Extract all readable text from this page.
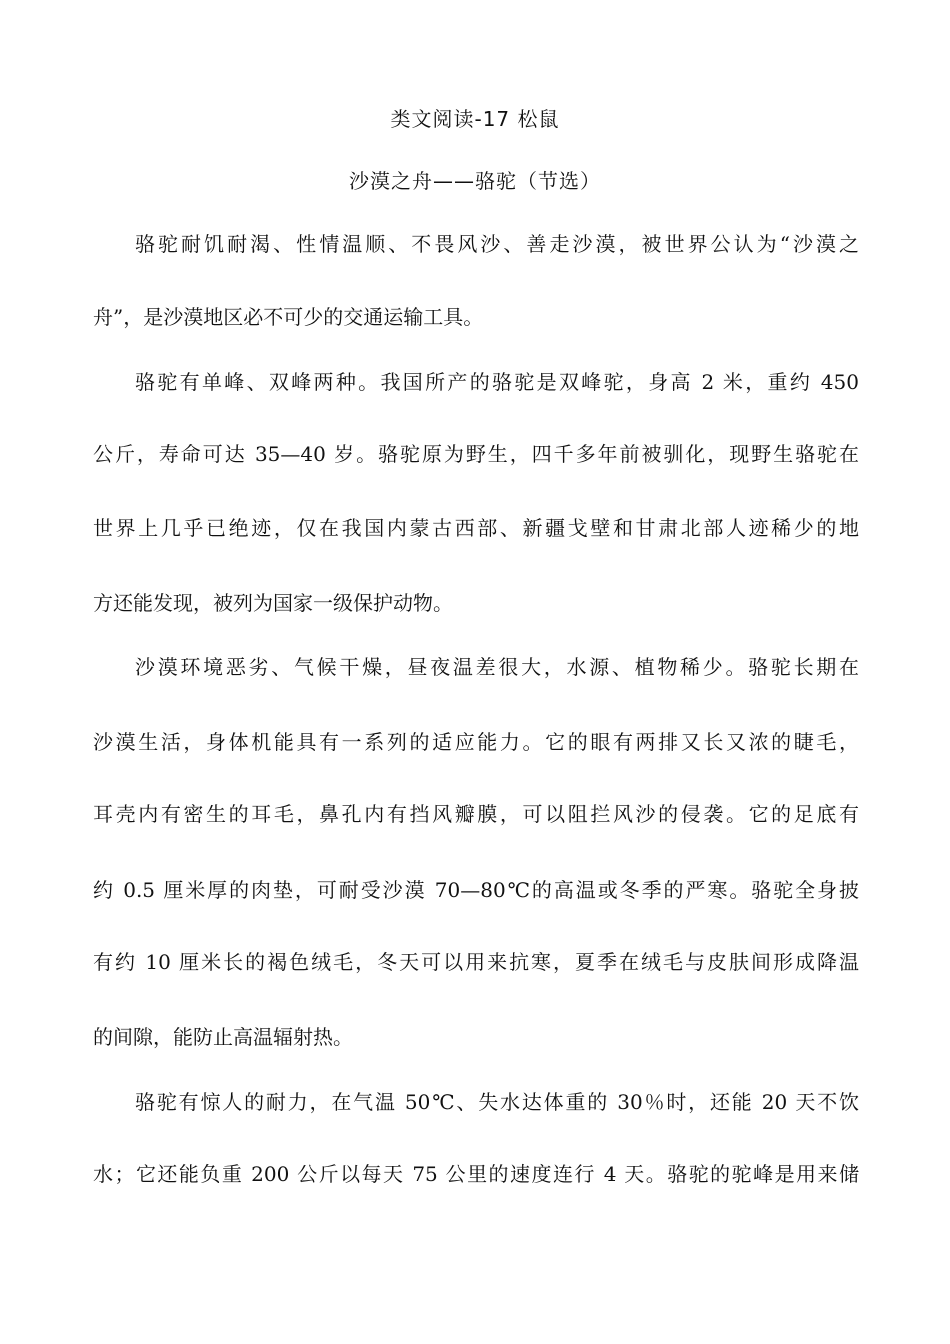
类文阅读-17 松鼠
沙漠之舟——骆驼（节选）
骆驼耐饥耐渴、性情温顺、不畏风沙、善走沙漠，被世界公认为“沙漠之
舟”，是沙漠地区必不可少的交通运输工具。
骆驼有单峰、双峰两种。我国所产的骆驼是双峰驼，身高 2 米，重约 450
公斤，寿命可达 35—40 岁。骆驼原为野生，四千多年前被驯化，现野生骆驼在
世界上几乎已绝迹，仅在我国内蒙古西部、新疆戈壁和甘肃北部人迹稀少的地
方还能发现，被列为国家一级保护动物。
沙漠环境恶劣、气候干燥，昼夜温差很大，水源、植物稀少。骆驼长期在
沙漠生活，身体机能具有一系列的适应能力。它的眼有两排又长又浓的睫毛，
耳壳内有密生的耳毛，鼻孔内有挡风瓣膜，可以阻拦风沙的侵袭。它的足底有
约 0.5 厘米厚的肉垫，可耐受沙漠 70—80℃的高温或冬季的严寒。骆驼全身披
有约 10 厘米长的褐色绒毛，冬天可以用来抗寒，夏季在绒毛与皮肤间形成降温
的间隙，能防止高温辐射热。
骆驼有惊人的耐力，在气温 50℃、失水达体重的 30％时，还能 20 天不饮
水；它还能负重 200 公斤以每天 75 公里的速度连行 4 天。骆驼的驼峰是用来储
